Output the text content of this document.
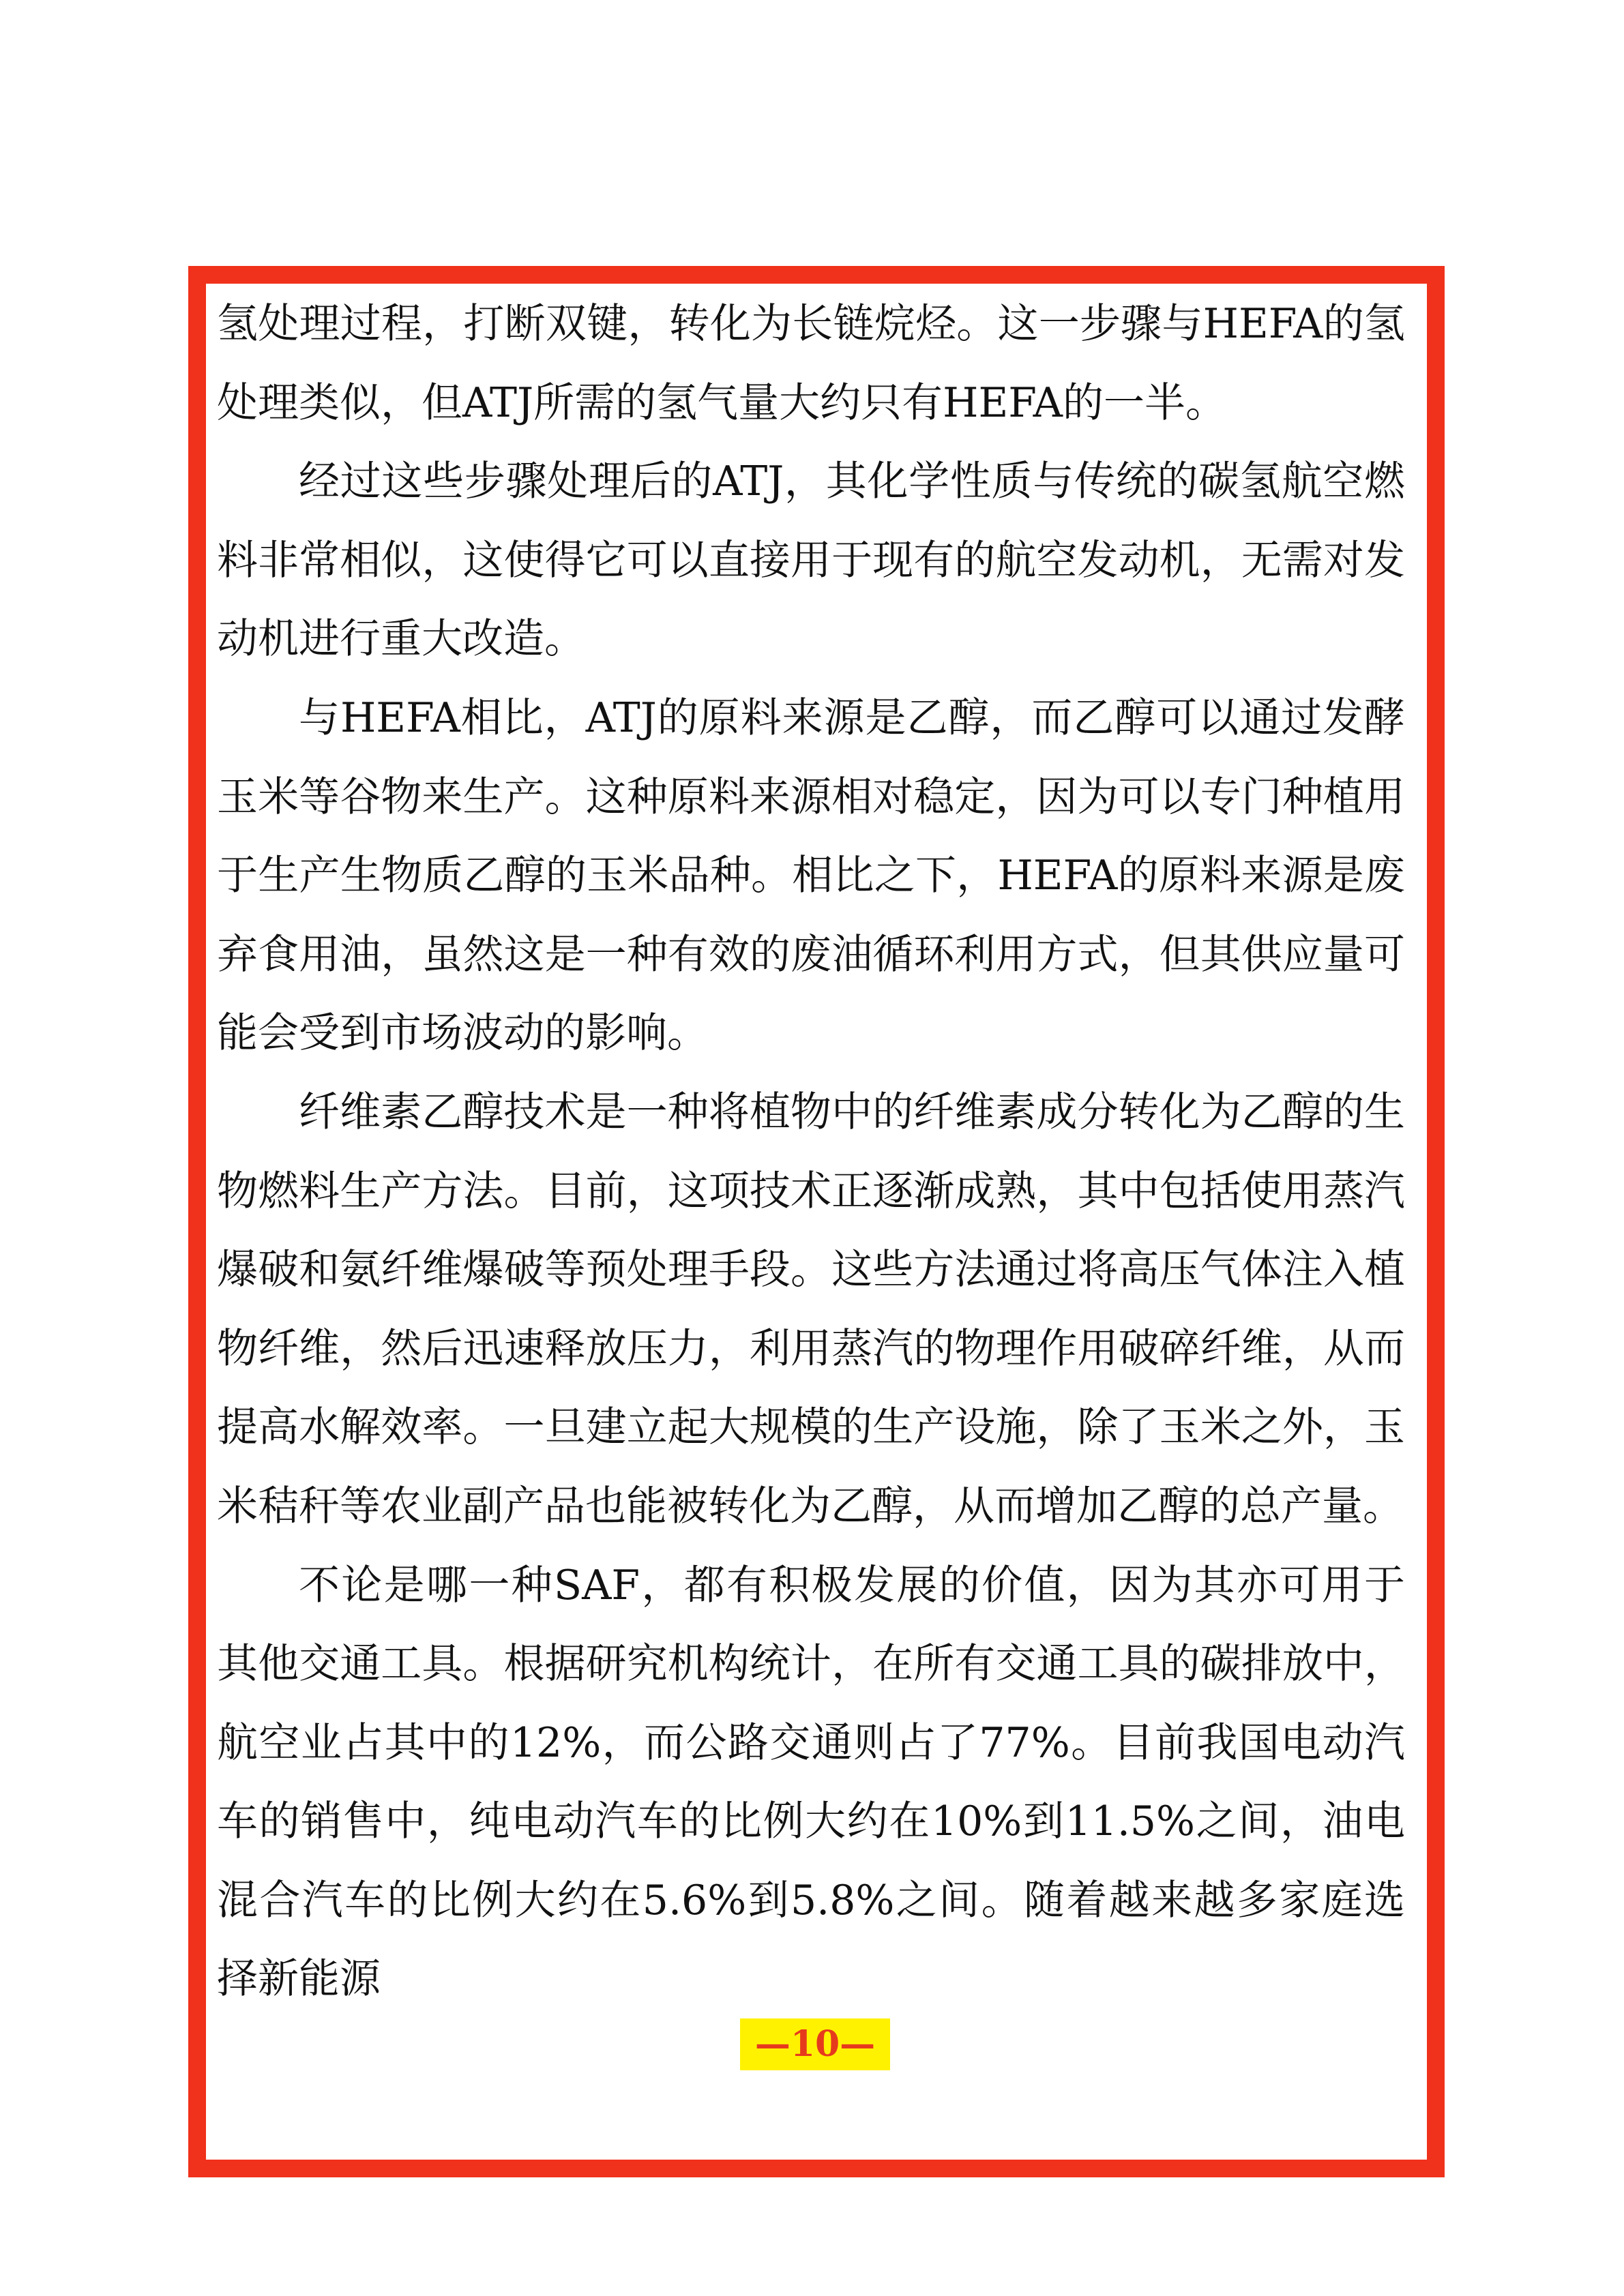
氢处理过程，打断双键，转化为长链烷烃。这一步骤与HEFA的氢处理类似，但ATJ所需的氢气量大约只有HEFA的一半。

经过这些步骤处理后的ATJ，其化学性质与传统的碳氢航空燃料非常相似，这使得它可以直接用于现有的航空发动机，无需对发动机进行重大改造。

与HEFA相比，ATJ的原料来源是乙醇，而乙醇可以通过发酵玉米等谷物来生产。这种原料来源相对稳定，因为可以专门种植用于生产生物质乙醇的玉米品种。相比之下，HEFA的原料来源是废弃食用油，虽然这是一种有效的废油循环利用方式，但其供应量可能会受到市场波动的影响。

纤维素乙醇技术是一种将植物中的纤维素成分转化为乙醇的生物燃料生产方法。目前，这项技术正逐渐成熟，其中包括使用蒸汽爆破和氨纤维爆破等预处理手段。这些方法通过将高压气体注入植物纤维，然后迅速释放压力，利用蒸汽的物理作用破碎纤维，从而提高水解效率。一旦建立起大规模的生产设施，除了玉米之外，玉米秸秆等农业副产品也能被转化为乙醇，从而增加乙醇的总产量。

不论是哪一种SAF，都有积极发展的价值，因为其亦可用于其他交通工具。根据研究机构统计，在所有交通工具的碳排放中，航空业占其中的12%，而公路交通则占了77%。目前我国电动汽车的销售中，纯电动汽车的比例大约在10%到11.5%之间，油电混合汽车的比例大约在5.6%到5.8%之间。随着越来越多家庭选择新能源

—10—
